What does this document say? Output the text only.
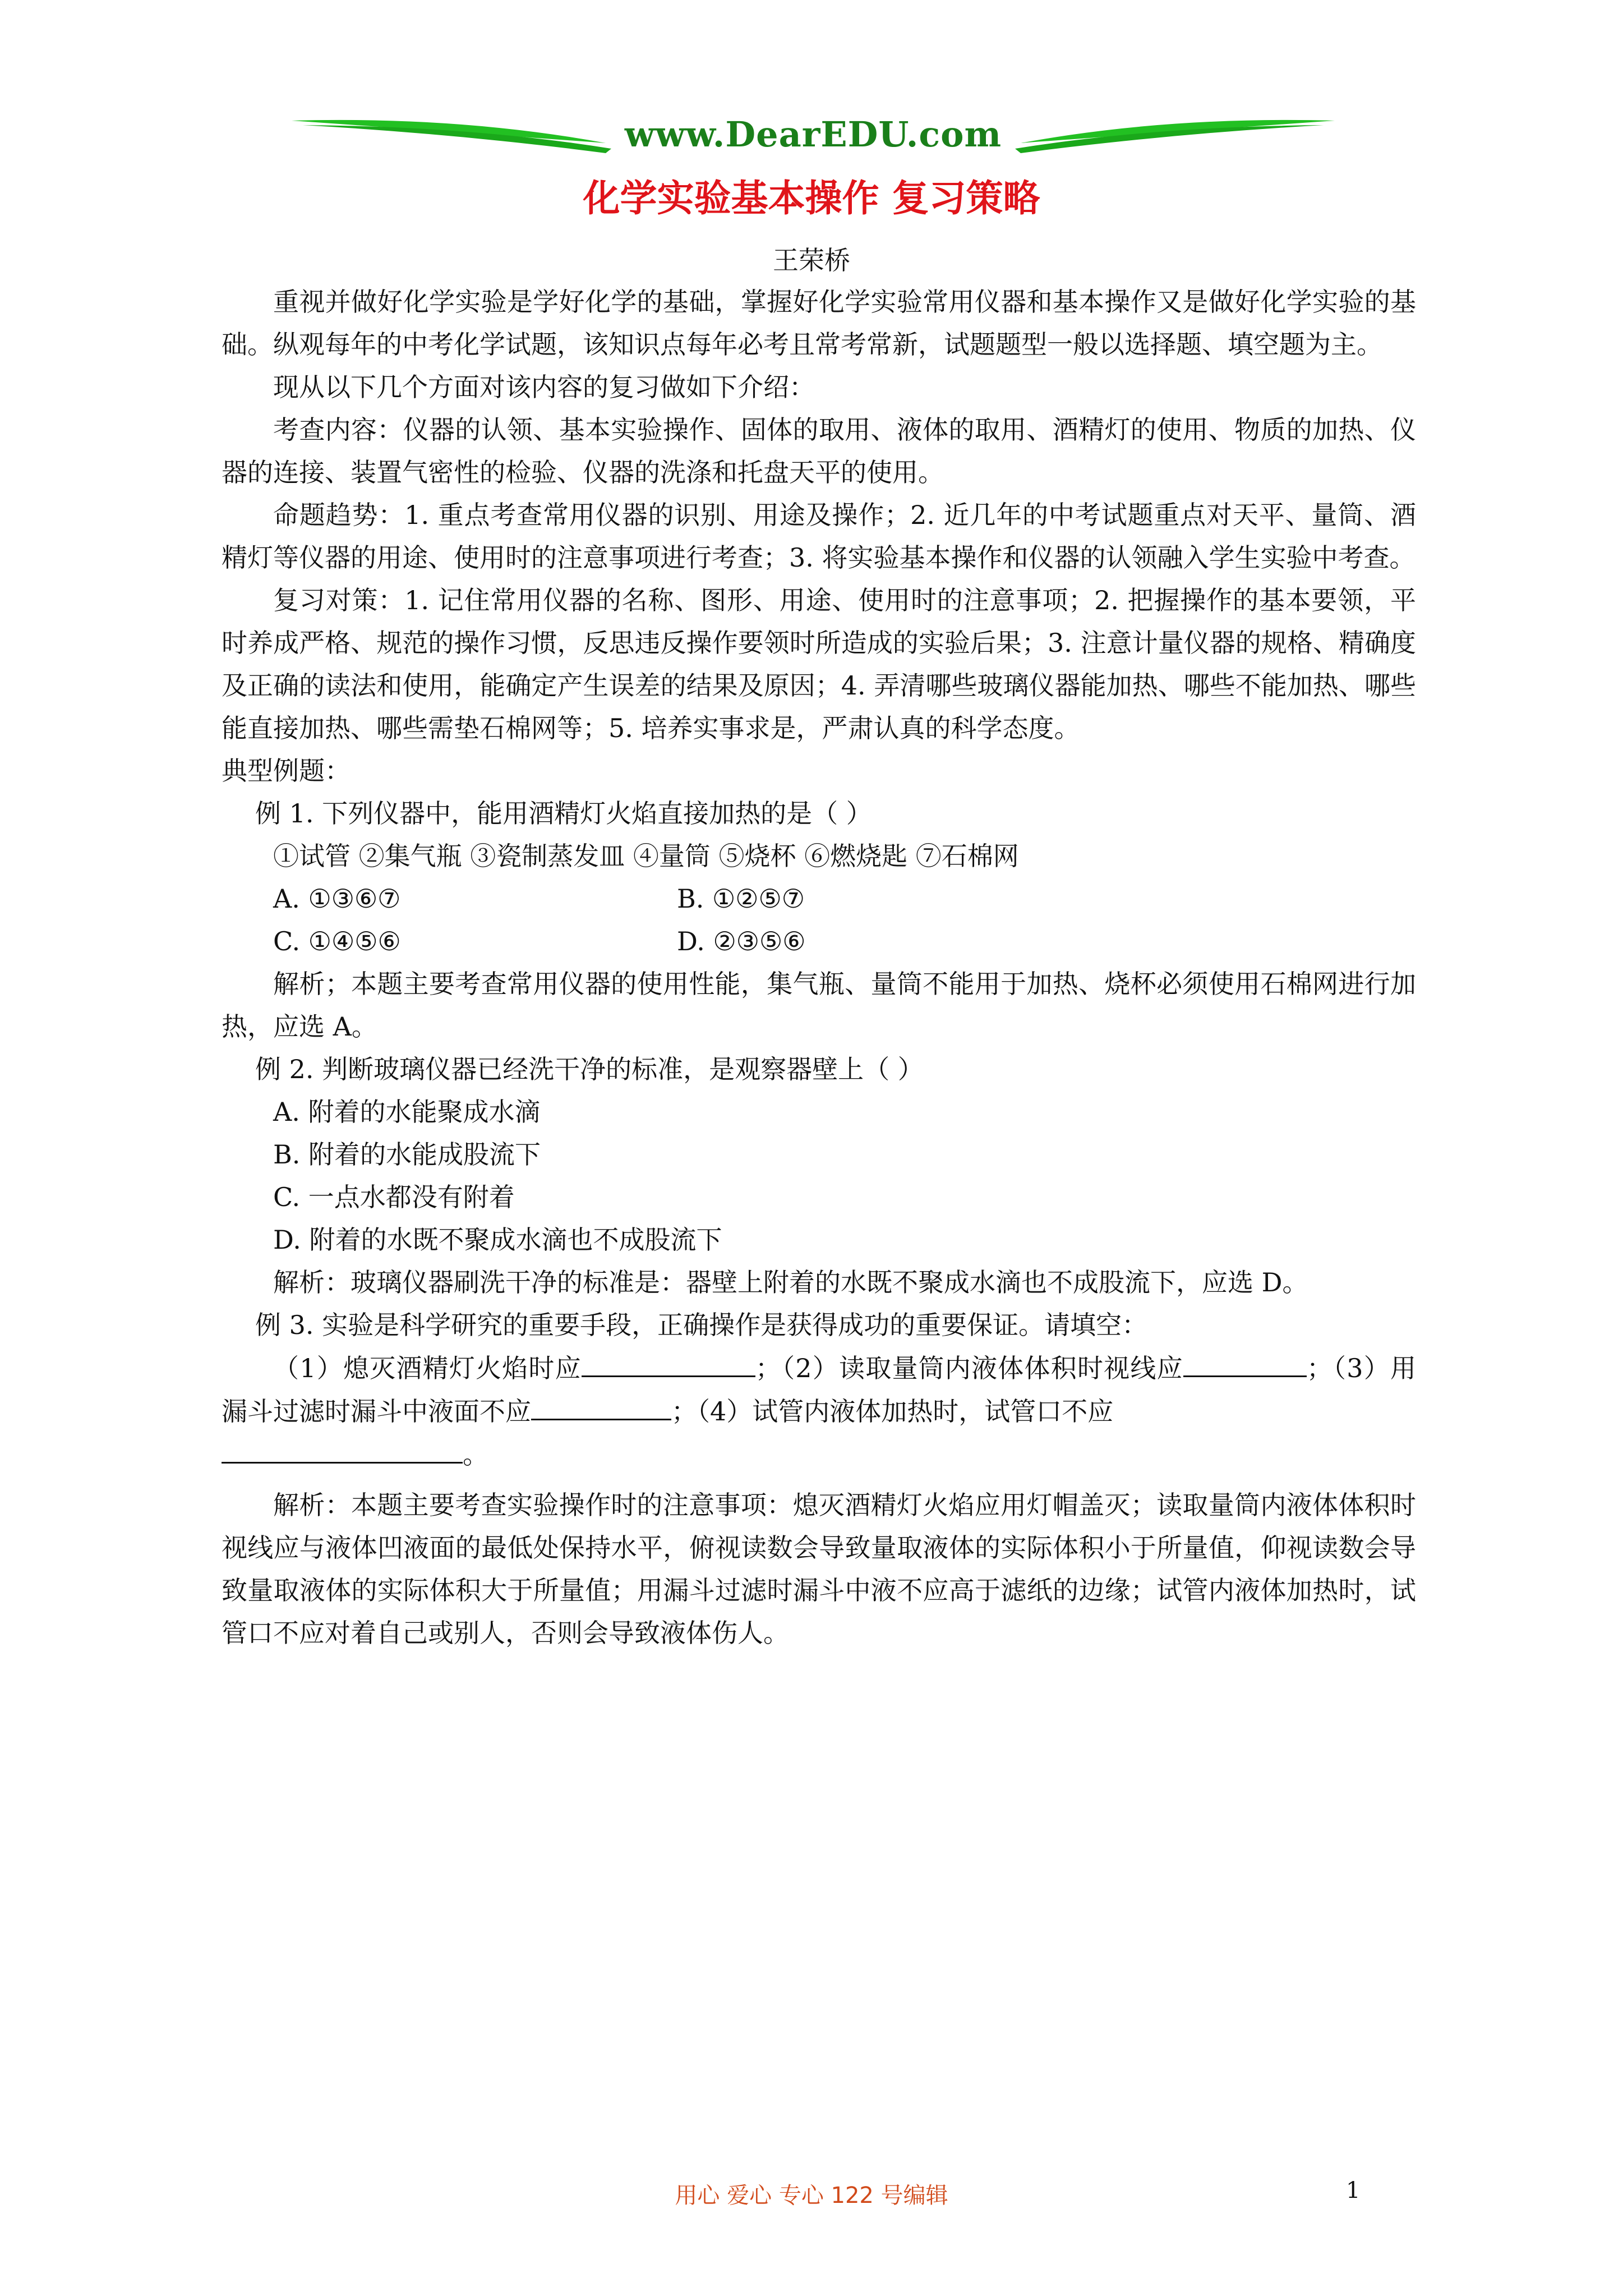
www.DearEDU.com
化学实验基本操作 复习策略
王荣桥

重视并做好化学实验是学好化学的基础，掌握好化学实验常用仪器和基本操作又是做好化学实验的基础。纵观每年的中考化学试题，该知识点每年必考且常考常新，试题题型一般以选择题、填空题为主。

现从以下几个方面对该内容的复习做如下介绍：

考查内容：仪器的认领、基本实验操作、固体的取用、液体的取用、酒精灯的使用、物质的加热、仪器的连接、装置气密性的检验、仪器的洗涤和托盘天平的使用。

命题趋势：1. 重点考查常用仪器的识别、用途及操作；2. 近几年的中考试题重点对天平、量筒、酒精灯等仪器的用途、使用时的注意事项进行考查；3. 将实验基本操作和仪器的认领融入学生实验中考查。

复习对策：1. 记住常用仪器的名称、图形、用途、使用时的注意事项；2. 把握操作的基本要领，平时养成严格、规范的操作习惯，反思违反操作要领时所造成的实验后果；3. 注意计量仪器的规格、精确度及正确的读法和使用，能确定产生误差的结果及原因；4. 弄清哪些玻璃仪器能加热、哪些不能加热、哪些能直接加热、哪些需垫石棉网等；5. 培养实事求是，严肃认真的科学态度。

典型例题：

例 1. 下列仪器中，能用酒精灯火焰直接加热的是（ ）

①试管 ②集气瓶 ③瓷制蒸发皿 ④量筒 ⑤烧杯 ⑥燃烧匙 ⑦石棉网

A. ①③⑥⑦	B. ①②⑤⑦
C. ①④⑤⑥	D. ②③⑤⑥

解析；本题主要考查常用仪器的使用性能，集气瓶、量筒不能用于加热、烧杯必须使用石棉网进行加热，应选 A。

例 2. 判断玻璃仪器已经洗干净的标准，是观察器壁上（ ）

A. 附着的水能聚成水滴

B. 附着的水能成股流下

C. 一点水都没有附着

D. 附着的水既不聚成水滴也不成股流下

解析：玻璃仪器刷洗干净的标准是：器壁上附着的水既不聚成水滴也不成股流下，应选 D。

例 3. 实验是科学研究的重要手段，正确操作是获得成功的重要保证。请填空：

（1）熄灭酒精灯火焰时应	；（2）读取量筒内液体体积时视线应	；（3）用漏斗过滤时漏斗中液面不应	；（4）试管内液体加热时，试管口不应

。

解析：本题主要考查实验操作时的注意事项：熄灭酒精灯火焰应用灯帽盖灭；读取量筒内液体体积时视线应与液体凹液面的最低处保持水平，俯视读数会导致量取液体的实际体积小于所量值，仰视读数会导致量取液体的实际体积大于所量值；用漏斗过滤时漏斗中液不应高于滤纸的边缘；试管内液体加热时，试管口不应对着自己或别人，否则会导致液体伤人。

用心 爱心 专心 122 号编辑	1
